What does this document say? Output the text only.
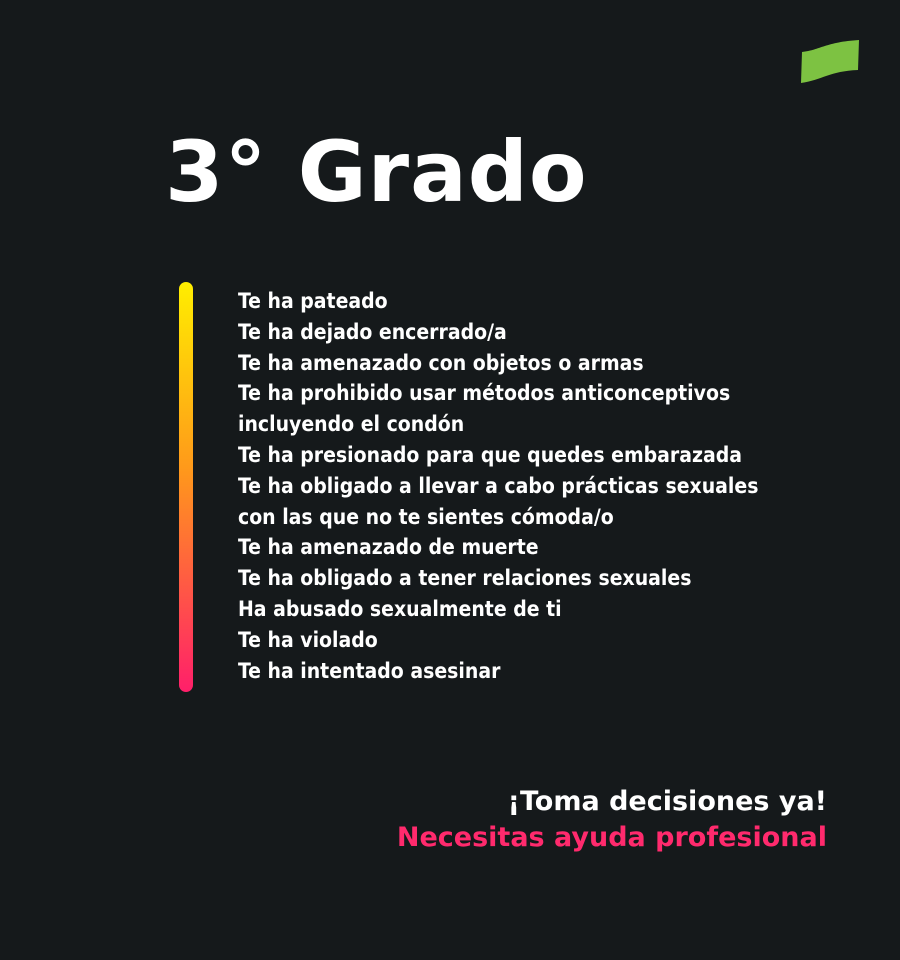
3° Grado
Te ha pateado
Te ha dejado encerrado/a
Te ha amenazado con objetos o armas
Te ha prohibido usar métodos anticonceptivos
incluyendo el condón
Te ha presionado para que quedes embarazada
Te ha obligado a llevar a cabo prácticas sexuales
con las que no te sientes cómoda/o
Te ha amenazado de muerte
Te ha obligado a tener relaciones sexuales
Ha abusado sexualmente de ti
Te ha violado
Te ha intentado asesinar
¡Toma decisiones ya!
Necesitas ayuda profesional
